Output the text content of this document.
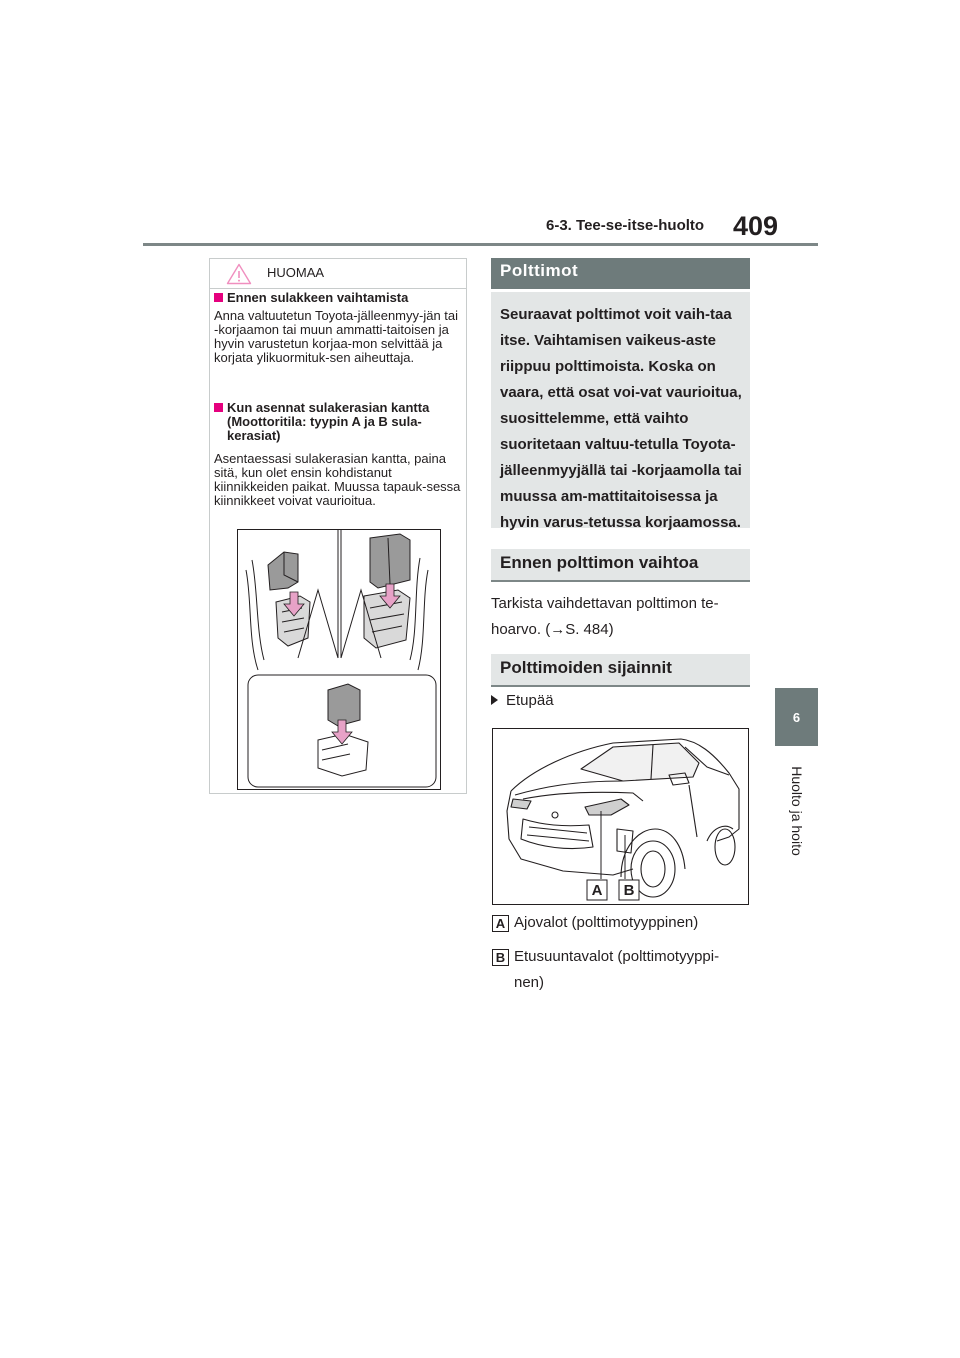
6-3. Tee-se-itse-huolto 409
6
Huolto ja hoito
HUOMAA
Ennen sulakkeen vaihtamista
Anna valtuutetun Toyota-jälleenmyy-jän tai -korjaamon tai muun ammatti-taitoisen ja hyvin varustetun korjaa-mon selvittää ja korjata ylikuormituk-sen aiheuttaja.
Kun asennat sulakerasian kantta
(Moottoritila: tyypin A ja B sula-
kerasiat)
Asentaessasi sulakerasian kantta, paina sitä, kun olet ensin kohdistanut kiinnikkeiden paikat. Muussa tapauk-sessa kiinnikkeet voivat vaurioitua.
Polttimot
Seuraavat polttimot voit vaih-taa itse. Vaihtamisen vaikeus-aste riippuu polttimoista. Koska on vaara, että osat voi-vat vaurioitua, suosittelemme, että vaihto suoritetaan valtuu-tetulla Toyota-jälleenmyyjällä tai -korjaamolla tai muussa am-mattitaitoisessa ja hyvin varus-tetussa korjaamossa.
Ennen polttimon vaihtoa
Tarkista vaihdettavan polttimon te-
hoarvo. (→S. 484)
Polttimoiden sijainnit
Etupää
A B
A Ajovalot (polttimotyyppinen)
B Etusuuntavalot (polttimotyyppi-
nen)
